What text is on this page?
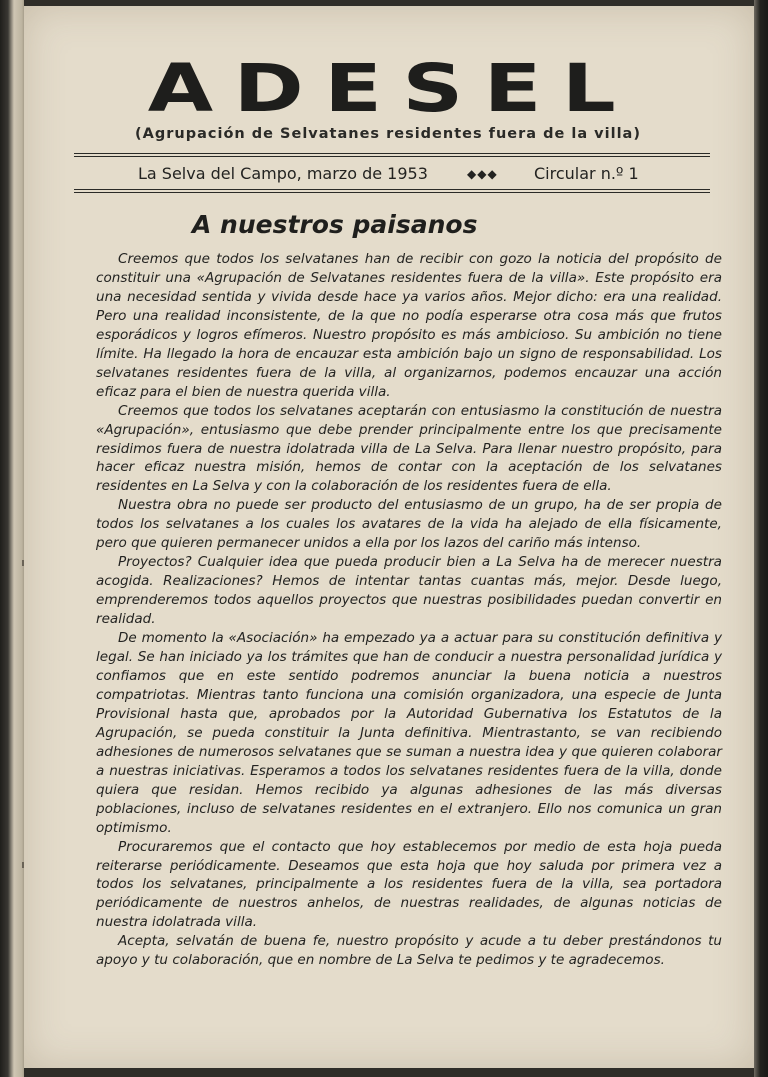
ADESEL
(Agrupación de Selvatanes residentes fuera de la villa)
La Selva del Campo, marzo de 1953	◆◆◆ Circular n.º 1
A nuestros paisanos

Creemos que todos los selvatanes han de recibir con gozo la noticia del propósito de constituir una «Agrupación de Selvatanes residentes fuera de la villa». Este propósito era una necesidad sentida y vivida desde hace ya varios años. Mejor dicho: era una realidad. Pero una realidad inconsistente, de la que no podía esperarse otra cosa más que frutos esporádicos y logros efímeros. Nuestro propósito es más ambicioso. Su ambición no tiene límite. Ha llegado la hora de encauzar esta ambición bajo un signo de responsabilidad. Los selvatanes residentes fuera de la villa, al organizarnos, podemos encauzar una acción eficaz para el bien de nuestra querida villa.

Creemos que todos los selvatanes aceptarán con entusiasmo la constitución de nuestra «Agrupación», entusiasmo que debe prender principalmente entre los que precisamente residimos fuera de nuestra idolatrada villa de La Selva. Para llenar nuestro propósito, para hacer eficaz nuestra misión, hemos de contar con la aceptación de los selvatanes residentes en La Selva y con la colaboración de los residentes fuera de ella.

Nuestra obra no puede ser producto del entusiasmo de un grupo, ha de ser propia de todos los selvatanes a los cuales los avatares de la vida ha alejado de ella físicamente, pero que quieren permanecer unidos a ella por los lazos del cariño más intenso.

Proyectos? Cualquier idea que pueda producir bien a La Selva ha de merecer nuestra acogida. Realizaciones? Hemos de intentar tantas cuantas más, mejor. Desde luego, emprenderemos todos aquellos proyectos que nuestras posibilidades puedan convertir en realidad.

De momento la «Asociación» ha empezado ya a actuar para su constitución definitiva y legal. Se han iniciado ya los trámites que han de conducir a nuestra personalidad jurídica y confiamos que en este sentido podremos anunciar la buena noticia a nuestros compatriotas. Mientras tanto funciona una comisión organizadora, una especie de Junta Provisional hasta que, aprobados por la Autoridad Gubernativa los Estatutos de la Agrupación, se pueda constituir la Junta definitiva. Mientrastanto, se van recibiendo adhesiones de numerosos selvatanes que se suman a nuestra idea y que quieren colaborar a nuestras iniciativas. Esperamos a todos los selvatanes residentes fuera de la villa, donde quiera que residan. Hemos recibido ya algunas adhesiones de las más diversas poblaciones, incluso de selvatanes residentes en el extranjero. Ello nos comunica un gran optimismo.

Procuraremos que el contacto que hoy establecemos por medio de esta hoja pueda reiterarse periódicamente. Deseamos que esta hoja que hoy saluda por primera vez a todos los selvatanes, principalmente a los residentes fuera de la villa, sea portadora periódicamente de nuestros anhelos, de nuestras realidades, de algunas noticias de nuestra idolatrada villa.

Acepta, selvatán de buena fe, nuestro propósito y acude a tu deber prestándonos tu apoyo y tu colaboración, que en nombre de La Selva te pedimos y te agradecemos.
